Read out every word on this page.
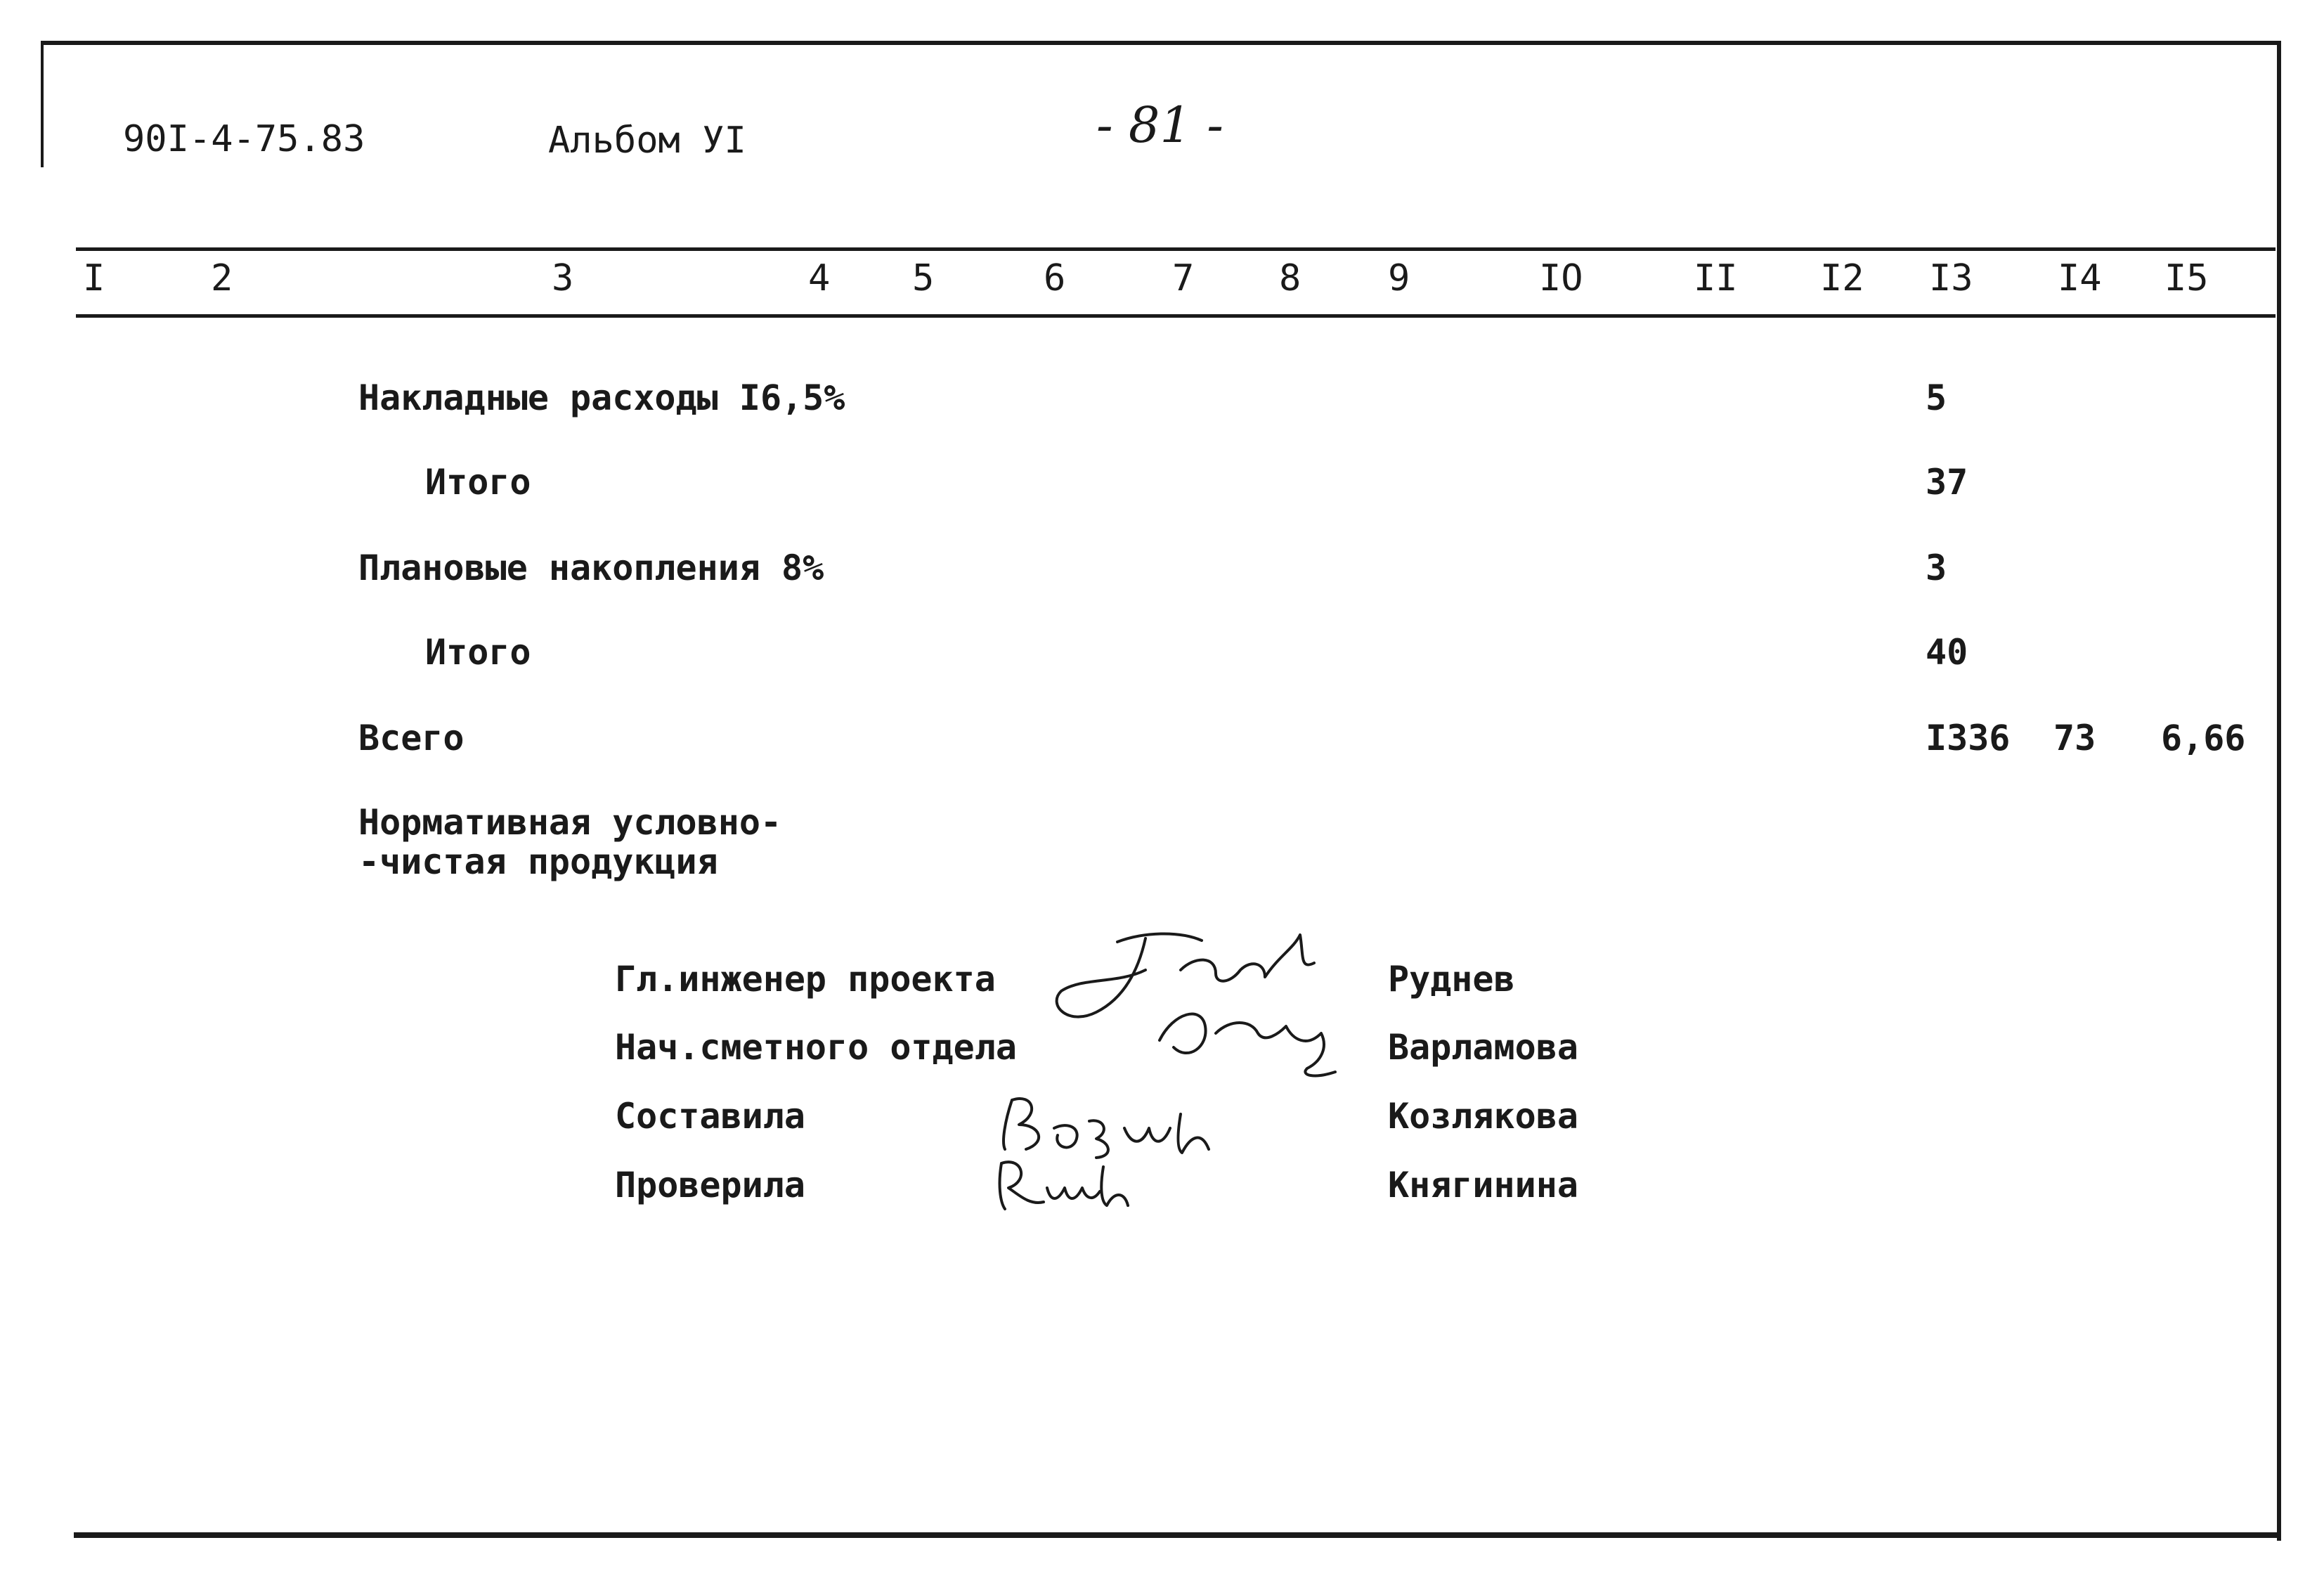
90I-4-75.83	Альбом УI	- 81 -
I	2	3	4 5	6	7 8 9	IO	II I2 I3 I4 I5
Накладные расходы I6,5%	5
Итого	37
Плановые накопления 8%	3
Итого	40
Всего	I336 73 6,66
Нормативная условно-
-чистая продукция
Гл.инженер проекта	Руднев
Нач.сметного отдела	Варламова
Составила	Козлякова
Проверила	Княгинина
